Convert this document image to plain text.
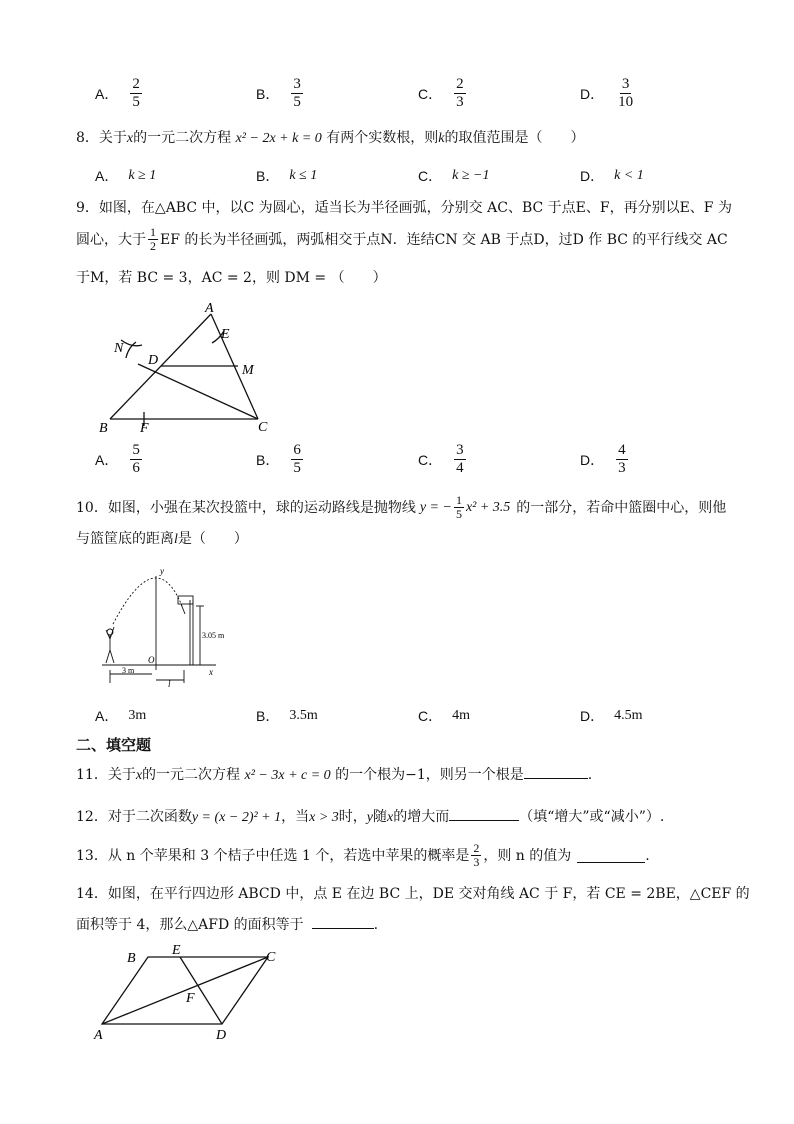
A． $\frac{2}{5}$	B． $\frac{3}{5}$	C． $\frac{2}{3}$	D． $\frac{3}{10}$
8．关于x的一元二次方程 x² − 2x + k = 0 有两个实数根，则k的取值范围是（　　）
A． k ≥ 1	B． k ≤ 1	C． k ≥ −1	D． k < 1
9．如图，在△ABC 中，以C 为圆心，适当长为半径画弧，分别交 AC、BC 于点E、F，再分别以E、F 为
圆心，大于 $\frac{1}{2}$ EF 的长为半径画弧，两弧相交于点N．连结CN 交 AB 于点D，过D 作 BC 的平行线交 AC
于M，若 BC = 3，AC = 2，则 DM = （　　）
A
E
N
D
M
B F	C
A． $\frac{5}{6}$	B． $\frac{6}{5}$	C． $\frac{3}{4}$	D． $\frac{4}{3}$
10． 如图，小强在某次投篮中，球的运动路线是抛物线 y = − $\frac{1}{5} x^2 + 3.5$ 的一部分，若命中篮圈中心，则他
与篮筐底的距离l是（　　）
y
x
O
3.05 m
3 m
l
A． 3m	B． 3.5m	C． 4m	D． 4.5m
二、填空题
11．关于x的一元二次方程 x² − 3x + c = 0 的一个根为−1，则另一个根是	.
12．对于二次函数y = (x − 2)² + 1，当x > 3时，y随x的增大而	（填“增大”或“减小”）.
13． 从 n 个苹果和 3 个桔子中任选 1 个，若选中苹果的概率是 $\frac{2}{3}$ ，则 n 的值为	.
14．如图，在平行四边形 ABCD 中，点 E 在边 BC 上，DE 交对角线 AC 于 F，若 CE = 2BE，△CEF 的
面积等于 4，那么△AFD 的面积等于	.
B
E	C
F
A	D
